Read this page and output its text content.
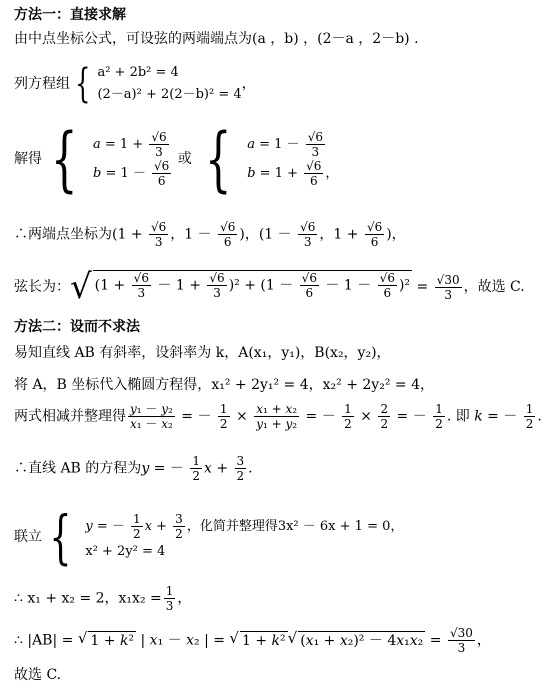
方法一：直接求解
由中点坐标公式，可设弦的两端端点为(a ，b) ，(2－a ，2－b) .
列方程组 { a² + 2b² = 4
(2－a)² + 2(2－b)² = 4
，
解得 { $a = 1 + \frac{√6}{3}$
$b = 1 - \frac{√6}{6}$ 或 { $a = 1 - \frac{√6}{3}$
$b = 1 + \frac{√6}{6}$ ，
∴两端点坐标为($1 + \frac{√6}{3}$ ，$1 - \frac{√6}{6}$ )，($1 - \frac{√6}{3}$ ，$1 + \frac{√6}{6}$ )，
弦长为： √ $(1 + \frac{√6}{3} - 1 + \frac{√6}{3} )^2 + (1 - \frac{√6}{6} - 1 - \frac{√6}{6} )^2 = \frac{√30}{3}$ ，故选 C.
方法二：设而不求法
易知直线 AB 有斜率，设斜率为 k，A(x₁，y₁)，B(x₂，y₂)，
将 A，B 坐标代入椭圆方程得，x₁² + 2y₁² = 4，x₂² + 2y₂² = 4，
两式相减并整理得 $\frac{\text{y₁ － y₂}}{\text{x₁ － x₂}}$ = － $\frac{1}{2} \times \frac{\text{x₁ + x₂}}{\text{y₁ + y₂}}$ = － $\frac{1}{2} \times \frac{2}{2}$ = － $\frac{1}{2}$ . 即 k = － $\frac{1}{2}$ .
∴直线 AB 的方程为y = － $\frac{1}{2}$ $x + \frac{3}{2}$ .
联立 { y = － $\frac{1}{2}$ $x + \frac{3}{2}$ ，化简并整理得3x² － 6x + 1 = 0，
x² + 2y² = 4
∴ x₁ + x₂ = 2，$x_1x_2 = \frac{1}{3}$ ，
∴ |AB| = √ 1 + k² | x₁ － x₂ | = √ 1 + k² √ $(x_1 + x_2)^2 - 4x_1x_2 = \frac{√30}{3}$ ，
故选 C.
